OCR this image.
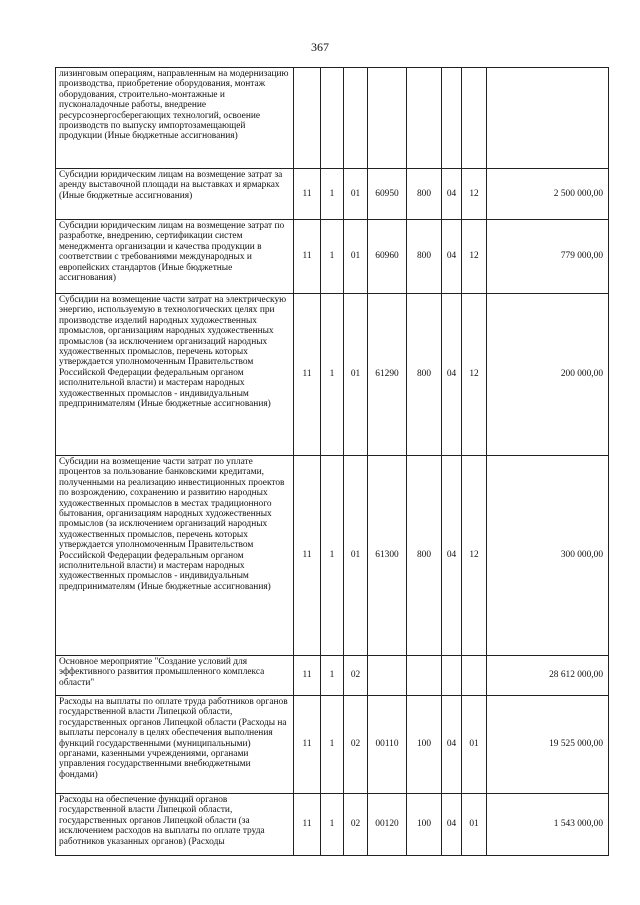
367
лизинговым операциям, направленным на модернизацию производства, приобретение оборудования, монтаж оборудования, строительно-монтажные и пусконаладочные работы, внедрение ресурсоэнергосберегающих технологий, освоение производств по выпуску импортозамещающей продукции (Иные бюджетные ассигнования)								
Субсидии юридическим лицам на возмещение затрат за аренду выставочной площади на выставках и ярмарках (Иные бюджетные ассигнования)	11	1	01	60950	800	04	12	2 500 000,00
Субсидии юридическим лицам на возмещение затрат по разработке, внедрению, сертификации систем менеджмента организации и качества продукции в соответствии с требованиями международных и европейских стандартов (Иные бюджетные ассигнования)	11	1	01	60960	800	04	12	779 000,00
Субсидии на возмещение части затрат на электрическую энергию, используемую в технологических целях при производстве изделий народных художественных промыслов, организациям народных художественных промыслов (за исключением организаций народных художественных промыслов, перечень которых утверждается уполномоченным Правительством Российской Федерации федеральным органом исполнительной власти) и мастерам народных художественных промыслов - индивидуальным предпринимателям (Иные бюджетные ассигнования)	11	1	01	61290	800	04	12	200 000,00
Субсидии на возмещение части затрат по уплате процентов за пользование банковскими кредитами, полученными на реализацию инвестиционных проектов по возрождению, сохранению и развитию народных художественных промыслов в местах традиционного бытования, организациям народных художественных промыслов (за исключением организаций народных художественных промыслов, перечень которых утверждается уполномоченным Правительством Российской Федерации федеральным органом исполнительной власти) и мастерам народных художественных промыслов - индивидуальным предпринимателям (Иные бюджетные ассигнования)	11	1	01	61300	800	04	12	300 000,00
Основное мероприятие "Создание условий для эффективного развития промышленного комплекса области"	11	1	02					28 612 000,00
Расходы на выплаты по оплате труда работников органов государственной власти Липецкой области, государственных органов Липецкой области (Расходы на выплаты персоналу в целях обеспечения выполнения функций государственными (муниципальными) органами, казенными учреждениями, органами управления государственными внебюджетными фондами)	11	1	02	00110	100	04	01	19 525 000,00
Расходы на обеспечение функций органов государственной власти Липецкой области, государственных органов Липецкой области (за исключением расходов на выплаты по оплате труда работников указанных органов) (Расходы	11	1	02	00120	100	04	01	1 543 000,00
